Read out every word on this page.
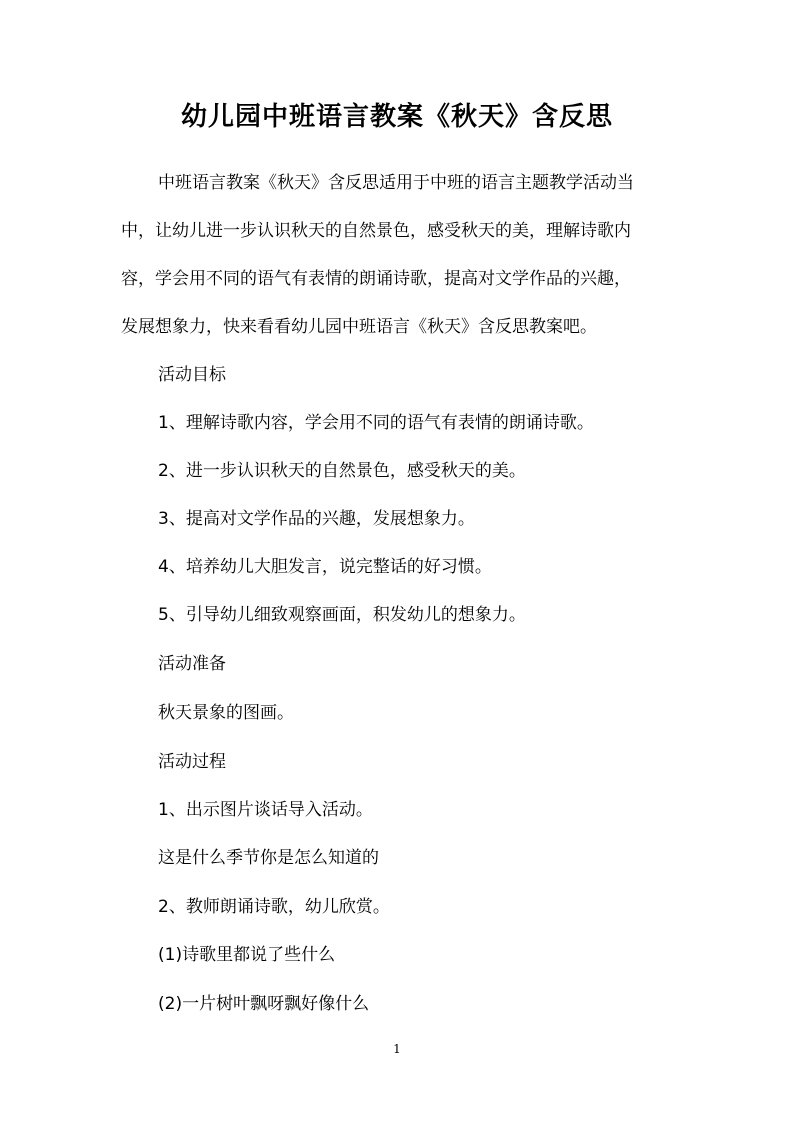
幼儿园中班语言教案《秋天》含反思
中班语言教案《秋天》含反思适用于中班的语言主题教学活动当
中，让幼儿进一步认识秋天的自然景色，感受秋天的美，理解诗歌内
容，学会用不同的语气有表情的朗诵诗歌，提高对文学作品的兴趣，
发展想象力，快来看看幼儿园中班语言《秋天》含反思教案吧。
活动目标
1、理解诗歌内容，学会用不同的语气有表情的朗诵诗歌。
2、进一步认识秋天的自然景色，感受秋天的美。
3、提高对文学作品的兴趣，发展想象力。
4、培养幼儿大胆发言，说完整话的好习惯。
5、引导幼儿细致观察画面，积发幼儿的想象力。
活动准备
秋天景象的图画。
活动过程
1、出示图片谈话导入活动。
这是什么季节你是怎么知道的
2、教师朗诵诗歌，幼儿欣赏。
(1)诗歌里都说了些什么
(2)一片树叶飘呀飘好像什么
1
